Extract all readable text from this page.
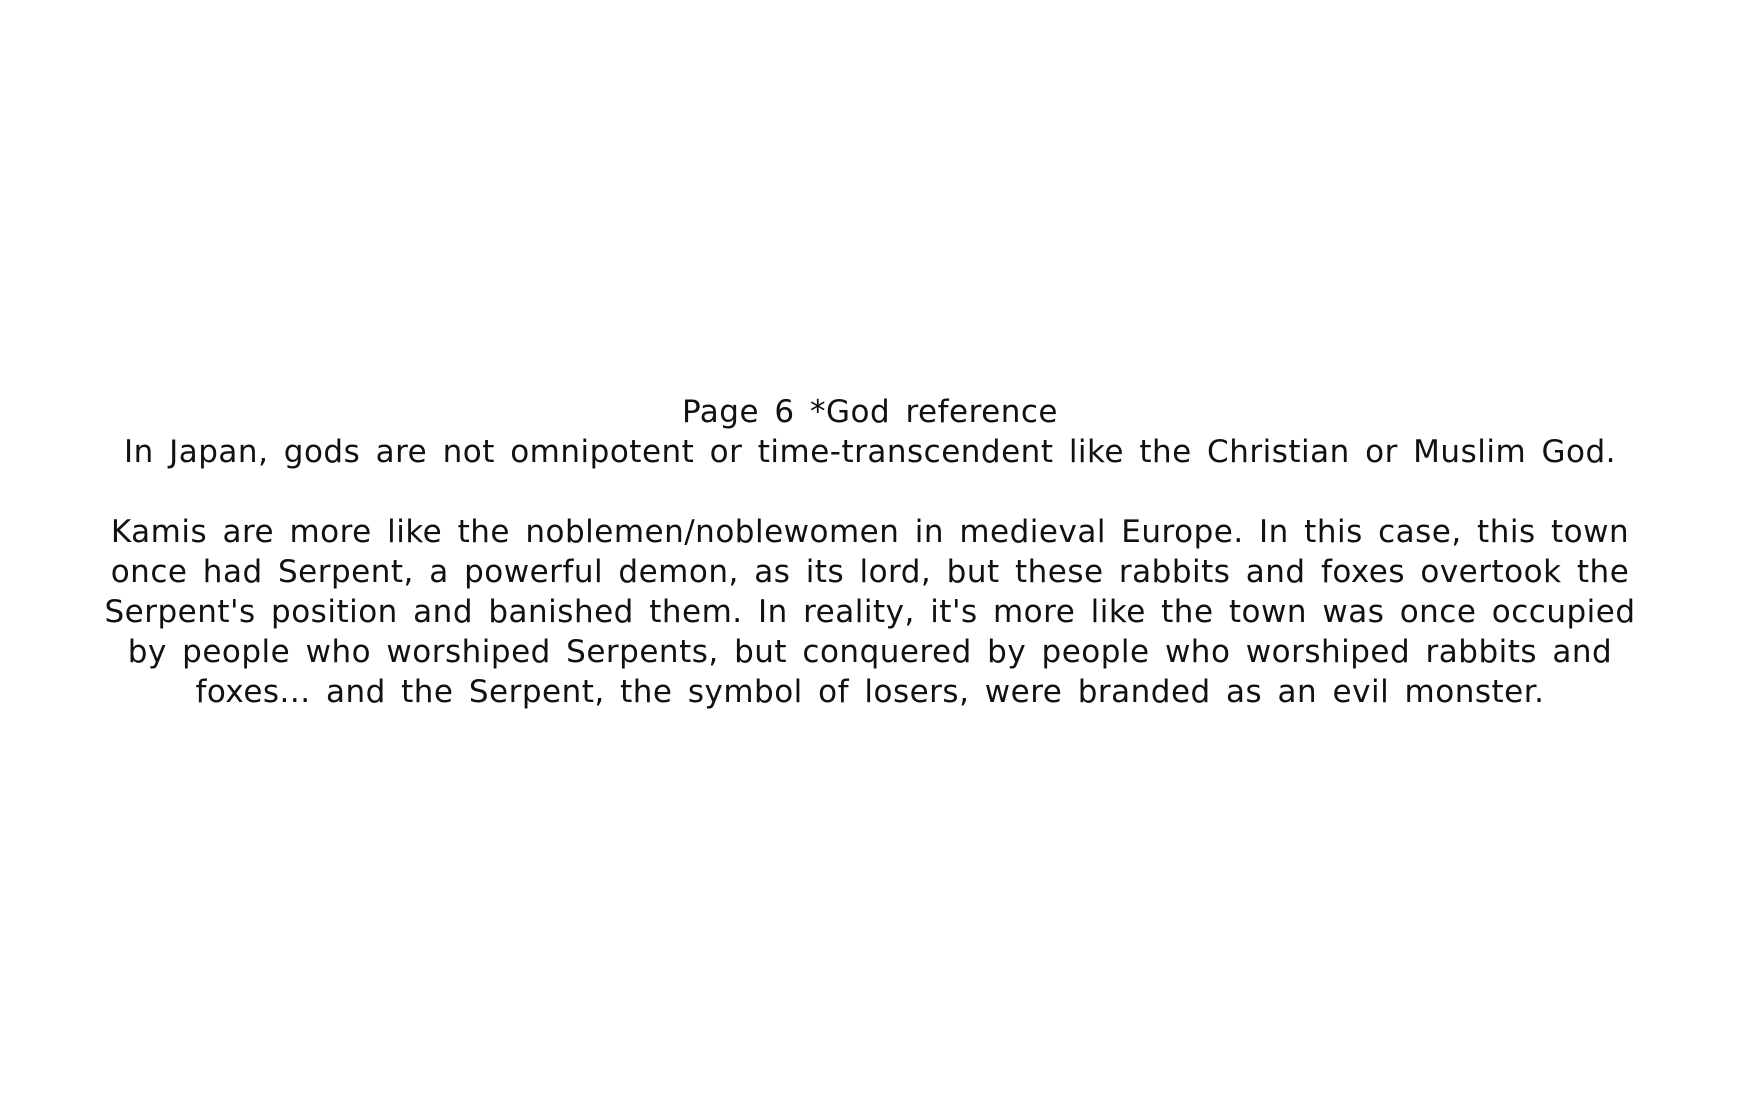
Page 6 *God reference

In Japan, gods are not omnipotent or time-transcendent like the Christian or Muslim God.

Kamis are more like the noblemen/noblewomen in medieval Europe. In this case, this town once had Serpent, a powerful demon, as its lord, but these rabbits and foxes overtook the Serpent's position and banished them. In reality, it's more like the town was once occupied by people who worshiped Serpents, but conquered by people who worshiped rabbits and foxes... and the Serpent, the symbol of losers, were branded as an evil monster.
